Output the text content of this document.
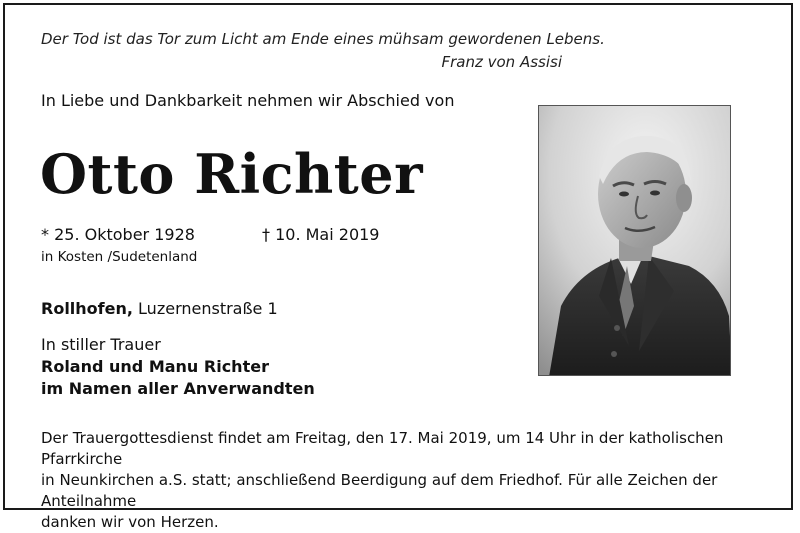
Der Tod ist das Tor zum Licht am Ende eines mühsam gewordenen Lebens.
Franz von Assisi
In Liebe und Dankbarkeit nehmen wir Abschied von
Otto Richter
* 25. Oktober 1928	† 10. Mai 2019
in Kosten /Sudetenland
Rollhofen, Luzernenstraße 1
In stiller Trauer
Roland und Manu Richter
im Namen aller Anverwandten
Der Trauergottesdienst findet am Freitag, den 17. Mai 2019, um 14 Uhr in der katholischen Pfarrkirche
in Neunkirchen a.S. statt; anschließend Beerdigung auf dem Friedhof. Für alle Zeichen der Anteilnahme
danken wir von Herzen.
